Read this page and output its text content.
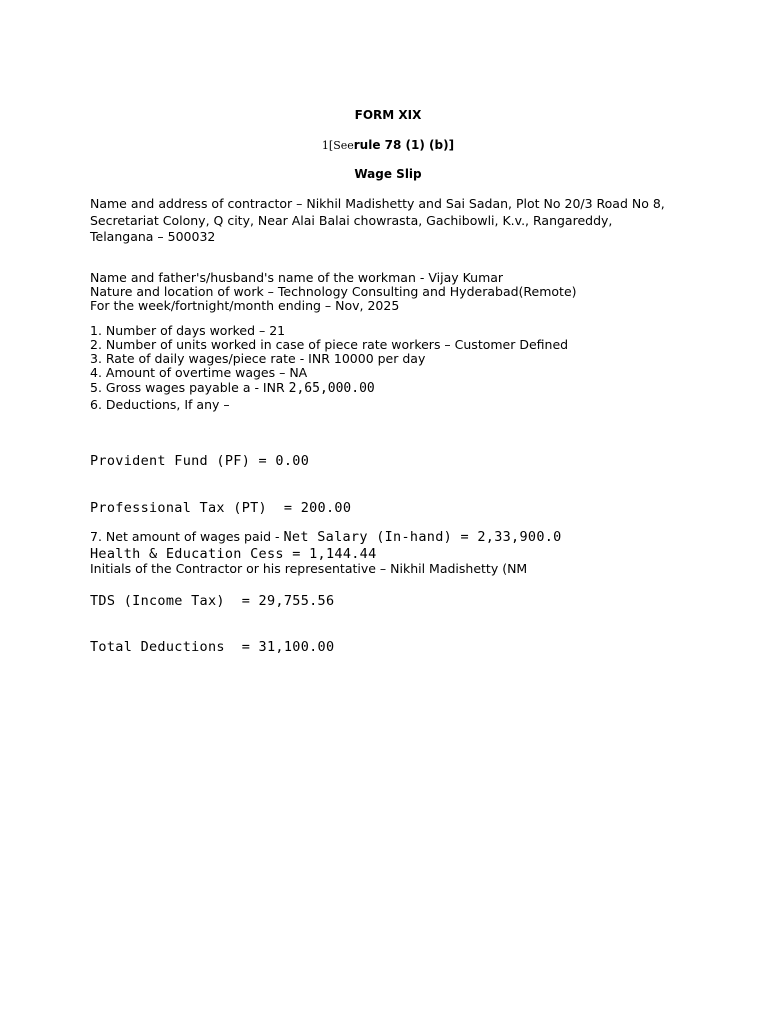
FORM XIX
1[Seerule 78 (1) (b)]
Wage Slip
Name and address of contractor – Nikhil Madishetty and Sai Sadan, Plot No 20/3 Road No 8,
Secretariat Colony, Q city, Near Alai Balai chowrasta, Gachibowli, K.v., Rangareddy,
Telangana – 500032
Name and father's/husband's name of the workman - Vijay Kumar
Nature and location of work – Technology Consulting and Hyderabad(Remote)
For the week/fortnight/month ending – Nov, 2025
1. Number of days worked – 21
2. Number of units worked in case of piece rate workers – Customer Defined
3. Rate of daily wages/piece rate - INR 10000 per day
4. Amount of overtime wages – NA
5. Gross wages payable a - INR 2,65,000.00
6. Deductions, If any –

Provident Fund (PF) = 0.00

Professional Tax (PT)  = 200.00

Health & Education Cess = 1,144.44

TDS (Income Tax)  = 29,755.56

Total Deductions  = 31,100.00

7. Net amount of wages paid - Net Salary (In-hand) = 2,33,900.0
Initials of the Contractor or his representative – Nikhil Madishetty (NM
